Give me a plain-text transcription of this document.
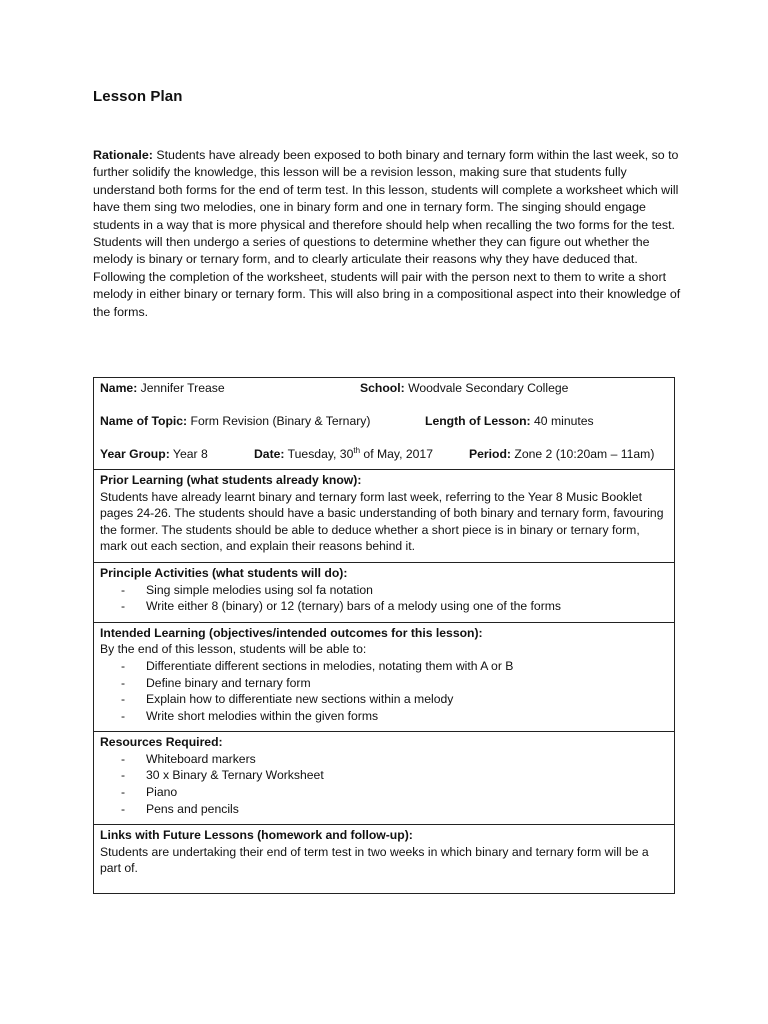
Lesson Plan
Rationale: Students have already been exposed to both binary and ternary form within the last week, so to further solidify the knowledge, this lesson will be a revision lesson, making sure that students fully understand both forms for the end of term test. In this lesson, students will complete a worksheet which will have them sing two melodies, one in binary form and one in ternary form. The singing should engage students in a way that is more physical and therefore should help when recalling the two forms for the test. Students will then undergo a series of questions to determine whether they can figure out whether the melody is binary or ternary form, and to clearly articulate their reasons why they have deduced that. Following the completion of the worksheet, students will pair with the person next to them to write a short melody in either binary or ternary form. This will also bring in a compositional aspect into their knowledge of the forms.
Name: Jennifer Trease	School: Woodvale Secondary College
Name of Topic: Form Revision (Binary & Ternary)	Length of Lesson: 40 minutes
Year Group: Year 8	Date: Tuesday, 30th of May, 2017	Period: Zone 2 (10:20am – 11am)

Prior Learning (what students already know):
Students have already learnt binary and ternary form last week, referring to the Year 8 Music Booklet pages 24-26. The students should have a basic understanding of both binary and ternary form, favouring the former. The students should be able to deduce whether a short piece is in binary or ternary form, mark out each section, and explain their reasons behind it.

Principle Activities (what students will do):
- Sing simple melodies using sol fa notation
- Write either 8 (binary) or 12 (ternary) bars of a melody using one of the forms

Intended Learning (objectives/intended outcomes for this lesson):
By the end of this lesson, students will be able to:
- Differentiate different sections in melodies, notating them with A or B
- Define binary and ternary form
- Explain how to differentiate new sections within a melody
- Write short melodies within the given forms

Resources Required:
- Whiteboard markers
- 30 x Binary & Ternary Worksheet
- Piano
- Pens and pencils

Links with Future Lessons (homework and follow-up):
Students are undertaking their end of term test in two weeks in which binary and ternary form will be a part of.
